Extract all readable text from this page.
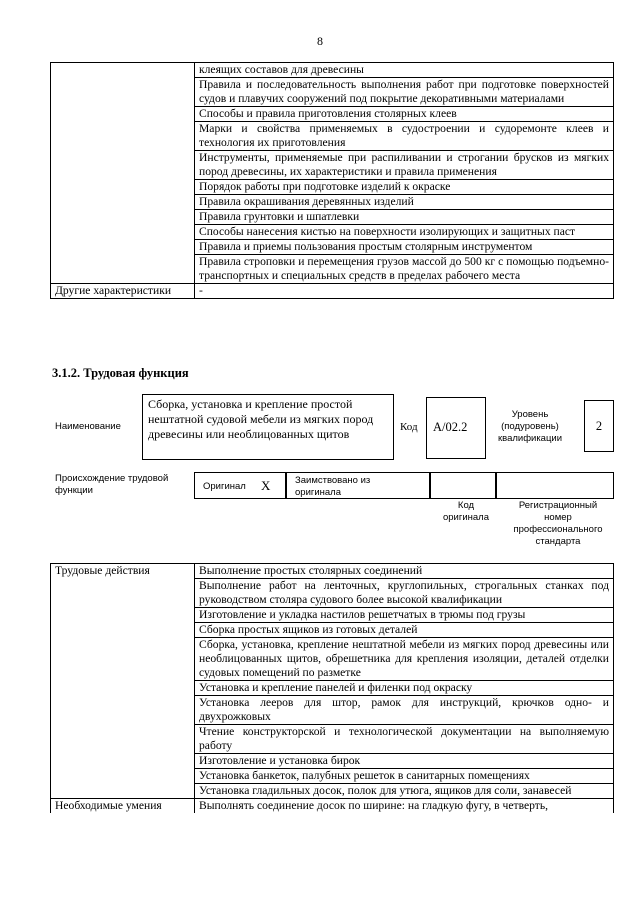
8
	клеящих составов для древесины
	Правила и последовательность выполнения работ при подготовке поверхностей судов и плавучих сооружений под покрытие декоративными материалами
	Способы и правила приготовления столярных клеев
	Марки и свойства применяемых в судостроении и судоремонте клеев и технология их приготовления
	Инструменты, применяемые при распиливании и строгании брусков из мягких пород древесины, их характеристики и правила применения
	Порядок работы при подготовке изделий к окраске
	Правила окрашивания деревянных изделий
	Правила грунтовки и шпатлевки
	Способы нанесения кистью на поверхности изолирующих и защитных паст
	Правила и приемы пользования простым столярным инструментом
	Правила строповки и перемещения грузов массой до 500 кг с помощью подъемно-транспортных и специальных средств в пределах рабочего места
Другие характеристики	-
3.1.2. Трудовая функция
Наименование
Сборка, установка и крепление простой нештатной судовой мебели из мягких пород древесины или необлицованных щитов	Код	A/02.2
Уровень (подуровень) квалификации
2
Происхождение трудовой функции	Оригинал X	Заимствовано из оригинала
Код оригинала
Регистрационный номер профессионального стандарта
Трудовые действия	Выполнение простых столярных соединений
	Выполнение работ на ленточных, круглопильных, строгальных станках под руководством столяра судового более высокой квалификации
	Изготовление и укладка настилов решетчатых в трюмы под грузы
	Сборка простых ящиков из готовых деталей
	Сборка, установка, крепление нештатной мебели из мягких пород древесины или необлицованных щитов, обрешетника для крепления изоляции, деталей отделки судовых помещений по разметке
	Установка и крепление панелей и филенки под окраску
	Установка лееров для штор, рамок для инструкций, крючков одно- и двухрожковых
	Чтение конструкторской и технологической документации на выполняемую работу
	Изготовление и установка бирок
	Установка банкеток, палубных решеток в санитарных помещениях
	Установка гладильных досок, полок для утюга, ящиков для соли, занавесей
Необходимые умения	Выполнять соединение досок по ширине: на гладкую фугу, в четверть,
